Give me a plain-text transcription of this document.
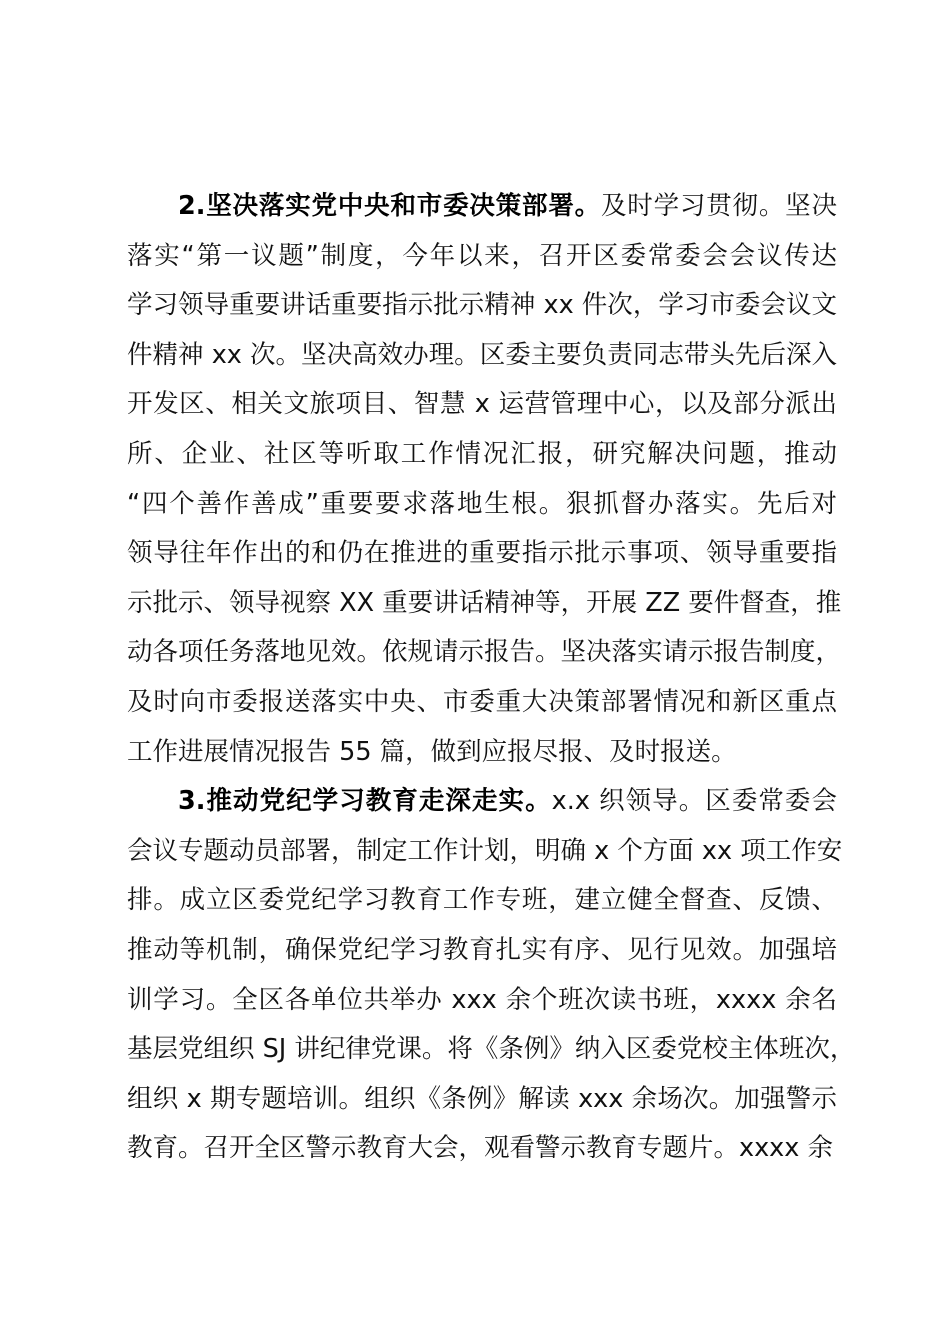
2.坚决落实党中央和市委决策部署。及时学习贯彻。坚决
落实“第一议题”制度，今年以来，召开区委常委会会议传达
学习领导重要讲话重要指示批示精神 xx 件次，学习市委会议文
件精神 xx 次。坚决高效办理。区委主要负责同志带头先后深入
开发区、相关文旅项目、智慧 x 运营管理中心，以及部分派出
所、企业、社区等听取工作情况汇报，研究解决问题，推动
“四个善作善成”重要要求落地生根。狠抓督办落实。先后对
领导往年作出的和仍在推进的重要指示批示事项、领导重要指
示批示、领导视察 XX 重要讲话精神等，开展 ZZ 要件督查，推
动各项任务落地见效。依规请示报告。坚决落实请示报告制度，
及时向市委报送落实中央、市委重大决策部署情况和新区重点
工作进展情况报告 55 篇，做到应报尽报、及时报送。
3.推动党纪学习教育走深走实。x.x 织领导。区委常委会
会议专题动员部署，制定工作计划，明确 x 个方面 xx 项工作安
排。成立区委党纪学习教育工作专班，建立健全督查、反馈、
推动等机制，确保党纪学习教育扎实有序、见行见效。加强培
训学习。全区各单位共举办 xxx 余个班次读书班，xxxx 余名
基层党组织 SJ 讲纪律党课。将《条例》纳入区委党校主体班次，
组织 x 期专题培训。组织《条例》解读 xxx 余场次。加强警示
教育。召开全区警示教育大会，观看警示教育专题片。xxxx 余
